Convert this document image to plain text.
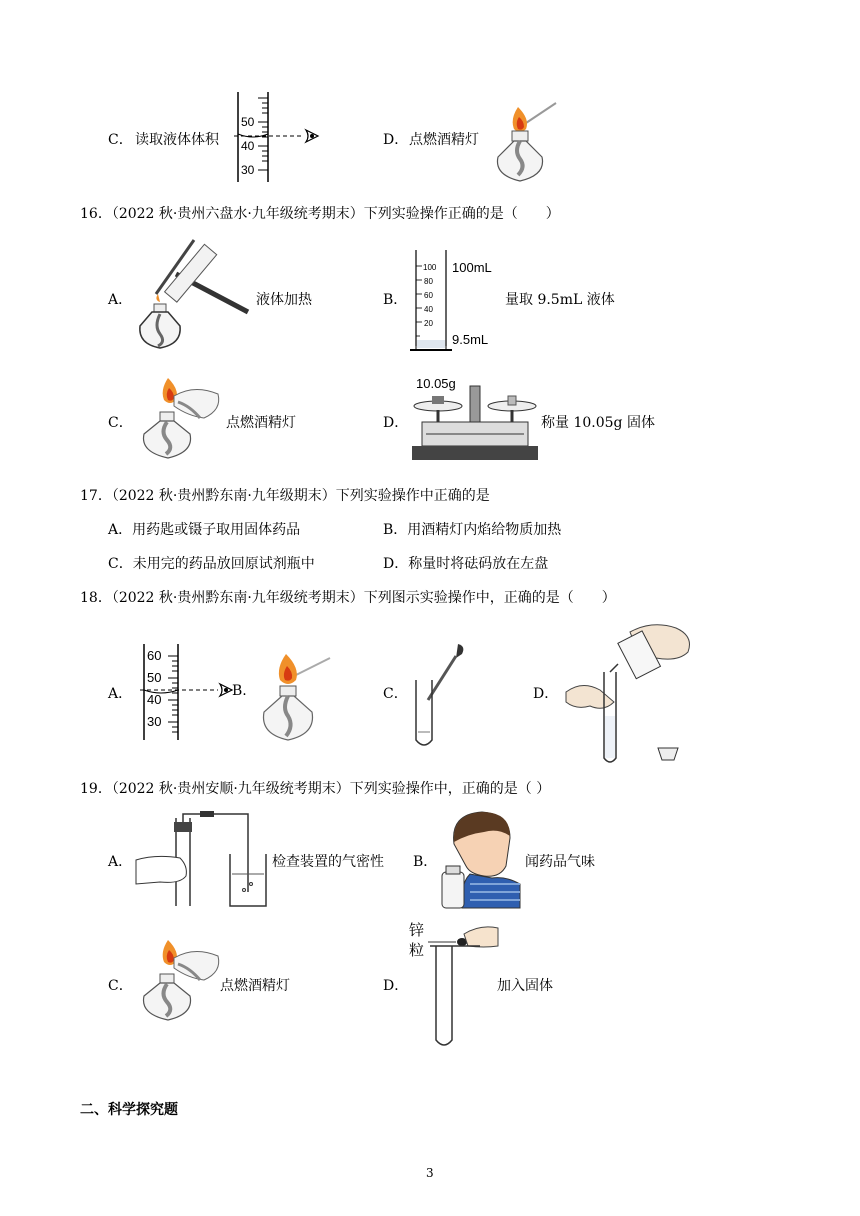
C． 读取液体体积
50
40
30
D． 点燃酒精灯
16．（2022 秋·贵州六盘水·九年级统考期末）下列实验操作正确的是（　　）
A．	液体加热	B．
100
80
60
40
20
100mL
9.5mL
量取 9.5mL 液体
C．	点燃酒精灯	D．
10.05g
称量 10.05g 固体
17．（2022 秋·贵州黔东南·九年级期末）下列实验操作中正确的是
A．用药匙或镊子取用固体药品	B．用酒精灯内焰给物质加热
C．未用完的药品放回原试剂瓶中	D．称量时将砝码放在左盘
18．（2022 秋·贵州黔东南·九年级统考期末）下列图示实验操作中，正确的是（　　）
A．
60
50
40
30
B.	C．	D．
19．（2022 秋·贵州安顺·九年级统考期末）下列实验操作中，正确的是（ ）
A．	检查装置的气密性 B．	闻药品气味
C．	点燃酒精灯	D．
锌
粒
加入固体
二、科学探究题
3
